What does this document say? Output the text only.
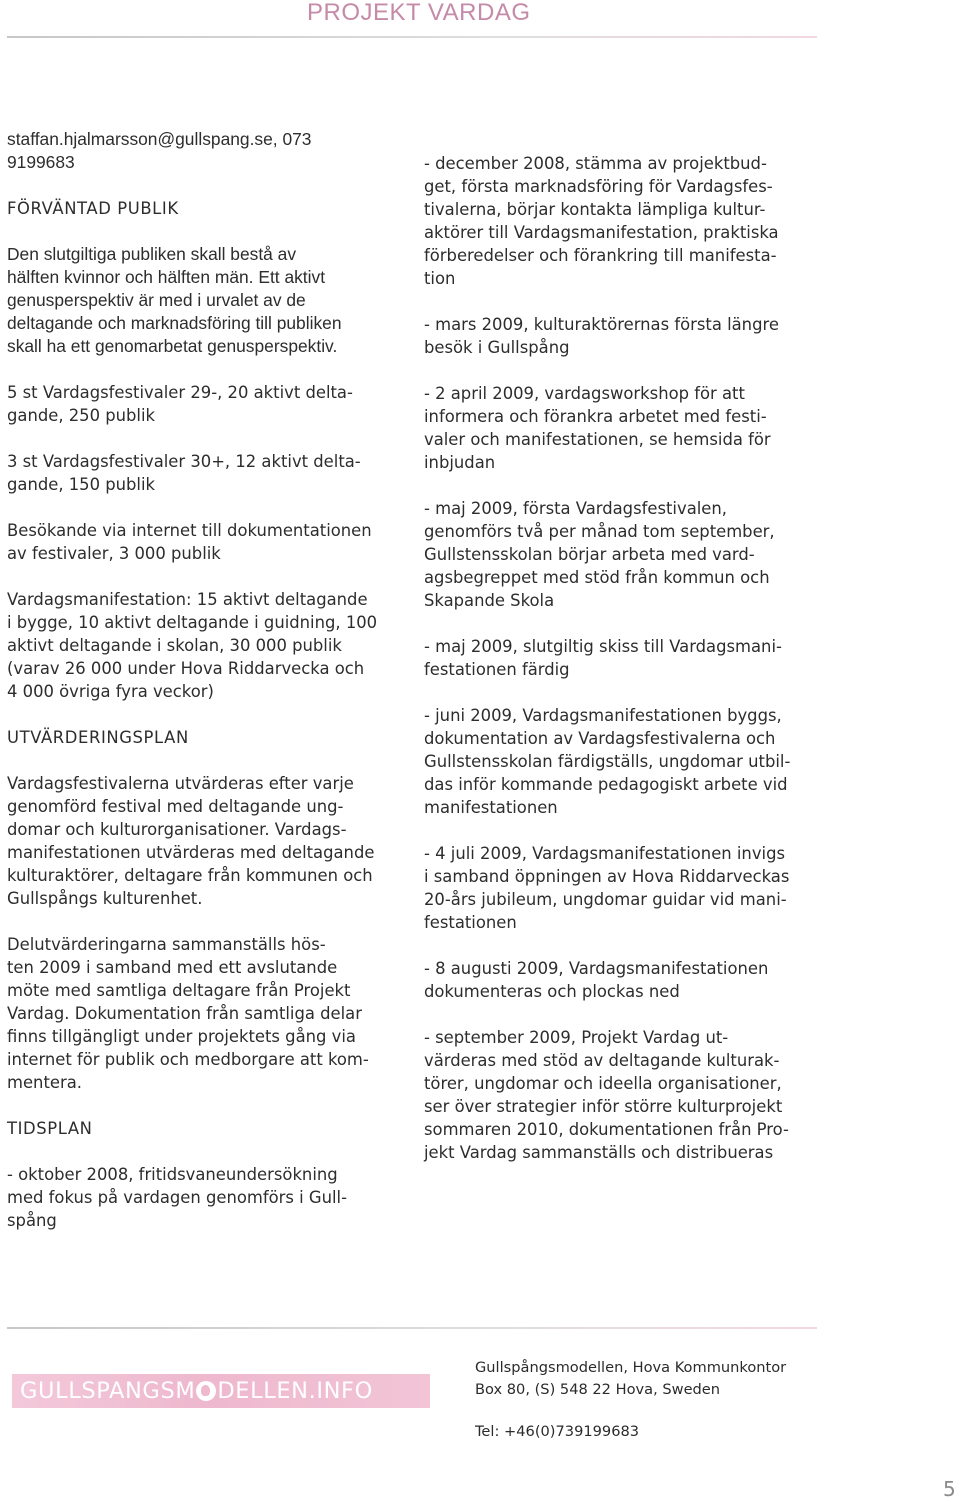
PROJEKT VARDAG

staffan.hjalmarsson@gullspang.se, 073
9199683

FÖRVÄNTAD PUBLIK

Den slutgiltiga publiken skall bestå av
hälften kvinnor och hälften män. Ett aktivt
genusperspektiv är med i urvalet av de
deltagande och marknadsföring till publiken
skall ha ett genomarbetat genusperspektiv.

5 st Vardagsfestivaler 29-, 20 aktivt delta-
gande, 250 publik

3 st Vardagsfestivaler 30+, 12 aktivt delta-
gande, 150 publik

Besökande via internet till dokumentationen
av festivaler, 3 000 publik

Vardagsmanifestation: 15 aktivt deltagande
i bygge, 10 aktivt deltagande i guidning, 100
aktivt deltagande i skolan, 30 000 publik
(varav 26 000 under Hova Riddarvecka och
4 000 övriga fyra veckor)

UTVÄRDERINGSPLAN

Vardagsfestivalerna utvärderas efter varje
genomförd festival med deltagande ung-
domar och kulturorganisationer. Vardags-
manifestationen utvärderas med deltagande
kulturaktörer, deltagare från kommunen och
Gullspångs kulturenhet.

Delutvärderingarna sammanställs hös-
ten 2009 i samband med ett avslutande
möte med samtliga deltagare från Projekt
Vardag. Dokumentation från samtliga delar
finns tillgängligt under projektets gång via
internet för publik och medborgare att kom-
mentera.

TIDSPLAN

- oktober 2008, fritidsvaneundersökning
med fokus på vardagen genomförs i Gull-
spång

- december 2008, stämma av projektbud-
get, första marknadsföring för Vardagsfes-
tivalerna, börjar kontakta lämpliga kultur-
aktörer till Vardagsmanifestation, praktiska
förberedelser och förankring till manifesta-
tion

- mars 2009, kulturaktörernas första längre
besök i Gullspång

- 2 april 2009, vardagsworkshop för att
informera och förankra arbetet med festi-
valer och manifestationen, se hemsida för
inbjudan

- maj 2009, första Vardagsfestivalen,
genomförs två per månad tom september,
Gullstensskolan börjar arbeta med vard-
agsbegreppet med stöd från kommun och
Skapande Skola

- maj 2009, slutgiltig skiss till Vardagsmani-
festationen färdig

- juni 2009, Vardagsmanifestationen byggs,
dokumentation av Vardagsfestivalerna och
Gullstensskolan färdigställs, ungdomar utbil-
das inför kommande pedagogiskt arbete vid
manifestationen

- 4 juli 2009, Vardagsmanifestationen invigs
i samband öppningen av Hova Riddarveckas
20-års jubileum, ungdomar guidar vid mani-
festationen

- 8 augusti 2009, Vardagsmanifestationen
dokumenteras och plockas ned

- september 2009, Projekt Vardag ut-
värderas med stöd av deltagande kulturak-
törer, ungdomar och ideella organisationer,
ser över strategier inför större kulturprojekt
sommaren 2010, dokumentationen från Pro-
jekt Vardag sammanställs och distribueras

GULLSPANGSM DELLEN.INFO
Gullspångsmodellen, Hova Kommunkontor
Box 80, (S) 548 22 Hova, Sweden
Tel: +46(0)739199683
5
